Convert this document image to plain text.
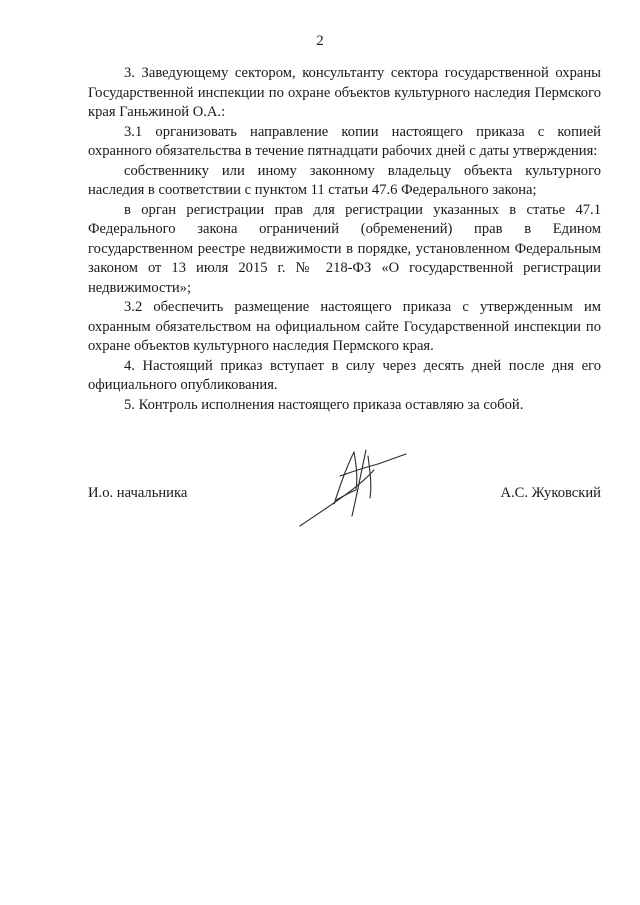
2

3. Заведующему сектором, консультанту сектора государственной охраны Государственной инспекции по охране объектов культурного наследия Пермского края Ганьжиной О.А.:

3.1 организовать направление копии настоящего приказа с копией охранного обязательства в течение пятнадцати рабочих дней с даты утверждения:

собственнику или иному законному владельцу объекта культурного наследия в соответствии с пунктом 11 статьи 47.6 Федерального закона;

в орган регистрации прав для регистрации указанных в статье 47.1 Федерального закона ограничений (обременений) прав в Едином государственном реестре недвижимости в порядке, установленном Федеральным законом от 13 июля 2015 г. № 218-ФЗ «О государственной регистрации недвижимости»;

3.2 обеспечить размещение настоящего приказа с утвержденным им охранным обязательством на официальном сайте Государственной инспекции по охране объектов культурного наследия Пермского края.

4. Настоящий приказ вступает в силу через десять дней после дня его официального опубликования.

5. Контроль исполнения настоящего приказа оставляю за собой.

И.о. начальника	А.С. Жуковский
